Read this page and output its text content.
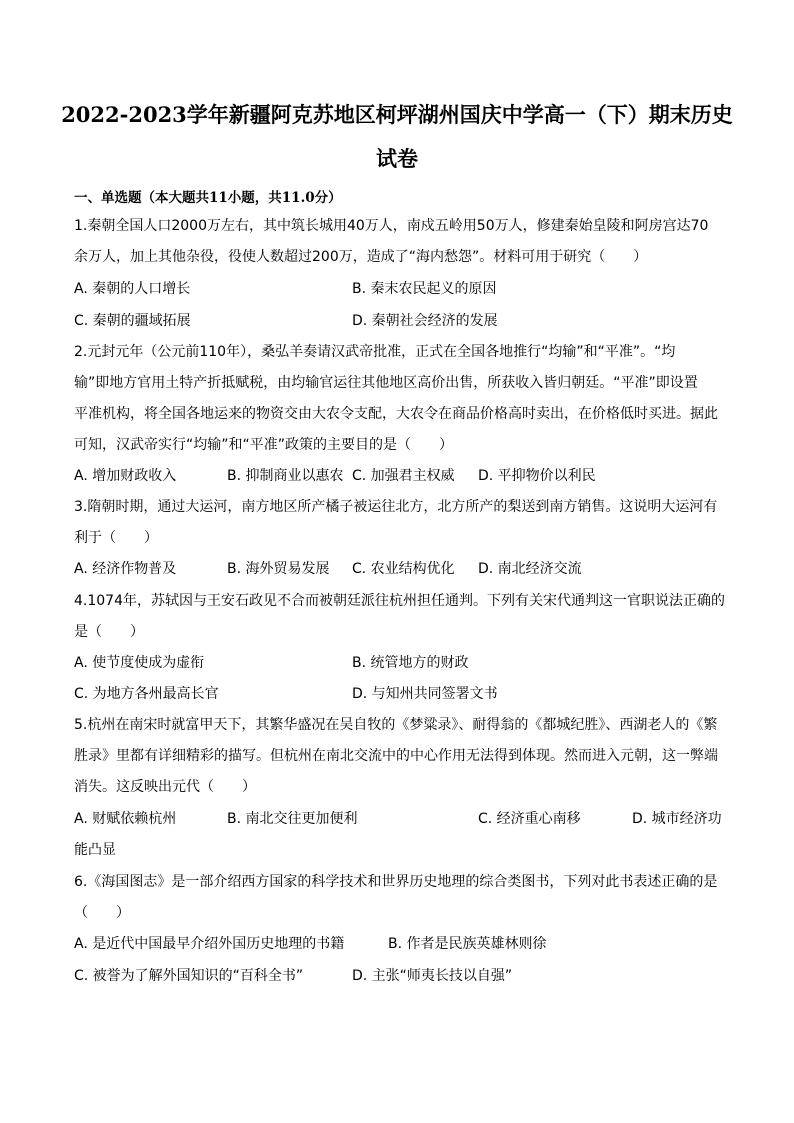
2022-2023学年新疆阿克苏地区柯坪湖州国庆中学高一（下）期末历史
试卷
一、单选题（本大题共11小题，共11.0分）
1.秦朝全国人口2000万左右，其中筑长城用40万人，南戍五岭用50万人，修建秦始皇陵和阿房宫达70
余万人，加上其他杂役，役使人数超过200万，造成了“海内愁怨”。材料可用于研究（　　）
A. 秦朝的人口增长	B. 秦末农民起义的原因
C. 秦朝的疆域拓展	D. 秦朝社会经济的发展
2.元封元年（公元前110年），桑弘羊奏请汉武帝批准，正式在全国各地推行“均输”和“平准”。“均
输”即地方官用土特产折抵赋税，由均输官运往其他地区高价出售，所获收入皆归朝廷。“平准”即设置
平准机构，将全国各地运来的物资交由大农令支配，大农令在商品价格高时卖出，在价格低时买进。据此
可知，汉武帝实行“均输”和“平准”政策的主要目的是（　　）
A. 增加财政收入	B. 抑制商业以惠农 C. 加强君主权威 D. 平抑物价以利民
3.隋朝时期，通过大运河，南方地区所产橘子被运往北方，北方所产的梨送到南方销售。这说明大运河有
利于（　　）
A. 经济作物普及	B. 海外贸易发展 C. 农业结构优化 D. 南北经济交流
4.1074年，苏轼因与王安石政见不合而被朝廷派往杭州担任通判。下列有关宋代通判这一官职说法正确的
是（　　）
A. 使节度使成为虚衔	B. 统管地方的财政
C. 为地方各州最高长官	D. 与知州共同签署文书
5.杭州在南宋时就富甲天下，其繁华盛况在吴自牧的《梦粱录》、耐得翁的《都城纪胜》、西湖老人的《繁
胜录》里都有详细精彩的描写。但杭州在南北交流中的中心作用无法得到体现。然而进入元朝，这一弊端
消失。这反映出元代（　　）
A. 财赋依赖杭州	B. 南北交往更加便利	C. 经济重心南移	D. 城市经济功
能凸显
6.《海国图志》是一部介绍西方国家的科学技术和世界历史地理的综合类图书，下列对此书表述正确的是
（　　）
A. 是近代中国最早介绍外国历史地理的书籍	B. 作者是民族英雄林则徐
C. 被誉为了解外国知识的“百科全书”	D. 主张“师夷长技以自强”
